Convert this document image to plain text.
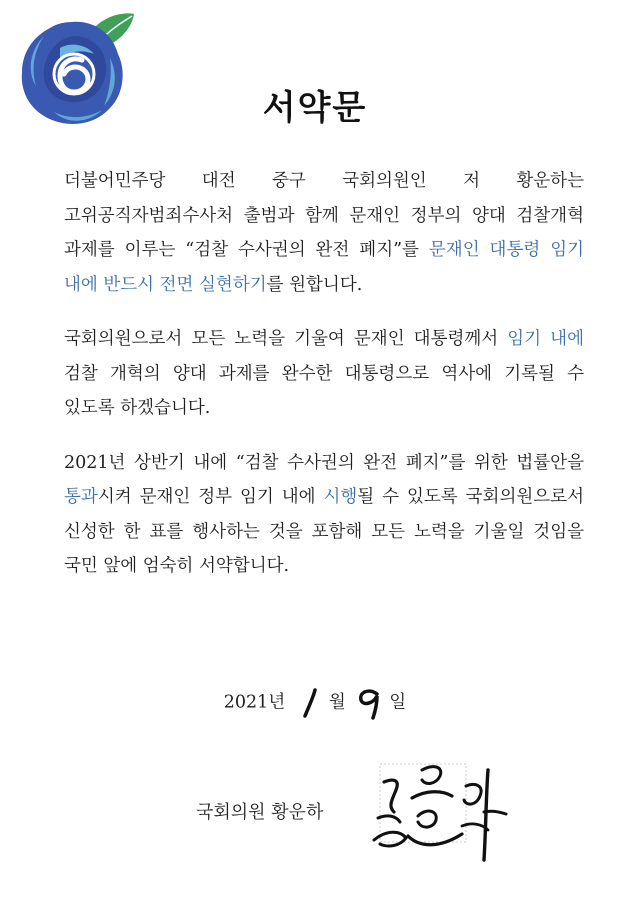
서약문

더불어민주당 대전 중구 국회의원인 저 황운하는 고위공직자범죄수사처 출범과 함께 문재인 정부의 양대 검찰개혁 과제를 이루는 “검찰 수사권의 완전 폐지”를 문재인 대통령 임기 내에 반드시 전면 실현하기를 원합니다.

국회의원으로서 모든 노력을 기울여 문재인 대통령께서 임기 내에 검찰 개혁의 양대 과제를 완수한 대통령으로 역사에 기록될 수 있도록 하겠습니다.

2021년 상반기 내에 “검찰 수사권의 완전 폐지”를 위한 법률안을 통과시켜 문재인 정부 임기 내에 시행될 수 있도록 국회의원으로서 신성한 한 표를 행사하는 것을 포함해 모든 노력을 기울일 것임을 국민 앞에 엄숙히 서약합니다.

2021년 월 일
국회의원 황운하
